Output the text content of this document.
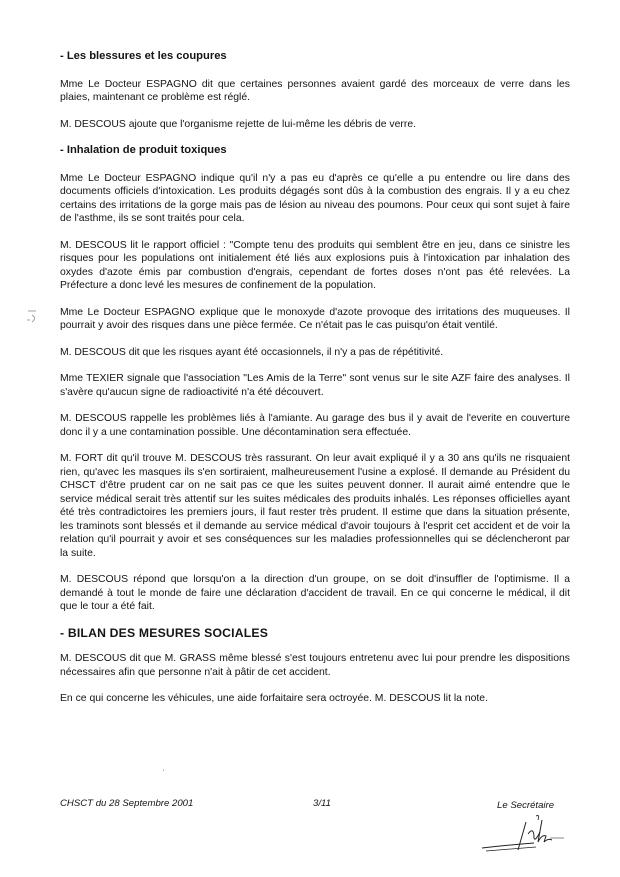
- Les blessures et les coupures

Mme Le Docteur ESPAGNO dit que certaines personnes avaient gardé des morceaux de verre dans les plaies, maintenant ce problème est réglé.

M. DESCOUS ajoute que l'organisme rejette de lui-même les débris de verre.

- Inhalation de produit toxiques

Mme Le Docteur ESPAGNO indique qu'il n'y a pas eu d'après ce qu'elle a pu entendre ou lire dans des documents officiels d'intoxication. Les produits dégagés sont dûs à la combustion des engrais. Il y a eu chez certains des irritations de la gorge mais pas de lésion au niveau des poumons. Pour ceux qui sont sujet à faire de l'asthme, ils se sont traités pour cela.

M. DESCOUS lit le rapport officiel : "Compte tenu des produits qui semblent être en jeu, dans ce sinistre les risques pour les populations ont initialement été liés aux explosions puis à l'intoxication par inhalation des oxydes d'azote émis par combustion d'engrais, cependant de fortes doses n'ont pas été relevées. La Préfecture a donc levé les mesures de confinement de la population.

Mme Le Docteur ESPAGNO explique que le monoxyde d'azote provoque des irritations des muqueuses. Il pourrait y avoir des risques dans une pièce fermée. Ce n'était pas le cas puisqu'on était ventilé.

M. DESCOUS dit que les risques ayant été occasionnels, il n'y a pas de répétitivité.

Mme TEXIER signale que l'association "Les Amis de la Terre" sont venus sur le site AZF faire des analyses. Il s'avère qu'aucun signe de radioactivité n'a été découvert.

M. DESCOUS rappelle les problèmes liés à l'amiante. Au garage des bus il y avait de l'everite en couverture donc il y a une contamination possible. Une décontamination sera effectuée.

M. FORT dit qu'il trouve M. DESCOUS très rassurant. On leur avait expliqué il y a 30 ans qu'ils ne risquaient rien, qu'avec les masques ils s'en sortiraient, malheureusement l'usine a explosé. Il demande au Président du CHSCT d'être prudent car on ne sait pas ce que les suites peuvent donner. Il aurait aimé entendre que le service médical serait très attentif sur les suites médicales des produits inhalés. Les réponses officielles ayant été très contradictoires les premiers jours, il faut rester très prudent. Il estime que dans la situation présente, les traminots sont blessés et il demande au service médical d'avoir toujours à l'esprit cet accident et de voir la relation qu'il pourrait y avoir et ses conséquences sur les maladies professionnelles qui se déclencheront par la suite.

M. DESCOUS répond que lorsqu'on a la direction d'un groupe, on se doit d'insuffler de l'optimisme. Il a demandé à tout le monde de faire une déclaration d'accident de travail. En ce qui concerne le médical, il dit que le tour a été fait.

- BILAN DES MESURES SOCIALES

M. DESCOUS dit que M. GRASS même blessé s'est toujours entretenu avec lui pour prendre les dispositions nécessaires afin que personne n'ait à pâtir de cet accident.

En ce qui concerne les véhicules, une aide forfaitaire sera octroyée. M. DESCOUS lit la note.

ˈ
CHSCT du 28 Septembre 2001	3/11	Le Secrétaire
